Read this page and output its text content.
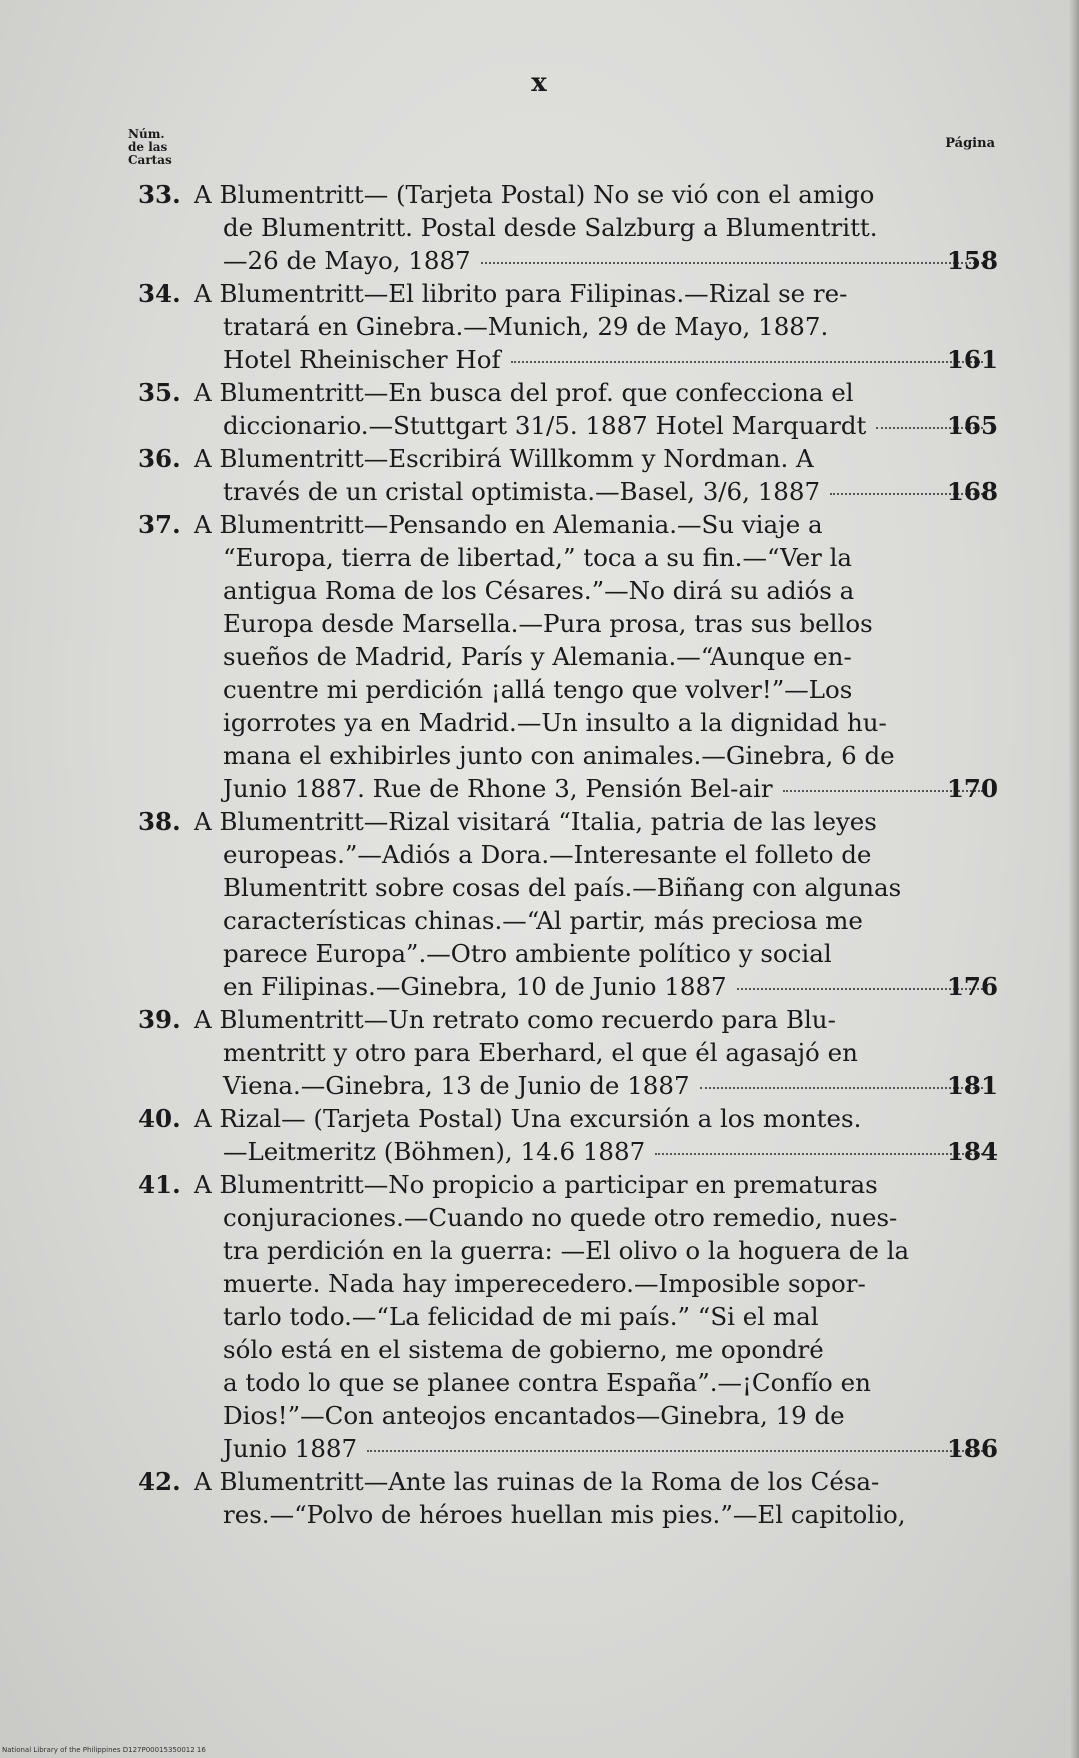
x
Núm.
de las
Cartas
Página
33. A Blumentritt— (Tarjeta Postal) No se vió con el amigo
de Blumentritt. Postal desde Salzburg a Blumentritt.
—26 de Mayo, 1887	158
34. A Blumentritt—El librito para Filipinas.—Rizal se re-
tratará en Ginebra.—Munich, 29 de Mayo, 1887.
Hotel Rheinischer Hof	161
35. A Blumentritt—En busca del prof. que confecciona el
diccionario.—Stuttgart 31/5. 1887 Hotel Marquardt	165
36. A Blumentritt—Escribirá Willkomm y Nordman. A
través de un cristal optimista.—Basel, 3/6, 1887	168
37. A Blumentritt—Pensando en Alemania.—Su viaje a
“Europa, tierra de libertad,” toca a su fin.—“Ver la
antigua Roma de los Césares.”—No dirá su adiós a
Europa desde Marsella.—Pura prosa, tras sus bellos
sueños de Madrid, París y Alemania.—“Aunque en-
cuentre mi perdición ¡allá tengo que volver!”—Los
igorrotes ya en Madrid.—Un insulto a la dignidad hu-
mana el exhibirles junto con animales.—Ginebra, 6 de
Junio 1887. Rue de Rhone 3, Pensión Bel-air	170
38. A Blumentritt—Rizal visitará “Italia, patria de las leyes
europeas.”—Adiós a Dora.—Interesante el folleto de
Blumentritt sobre cosas del país.—Biñang con algunas
características chinas.—“Al partir, más preciosa me
parece Europa”.—Otro ambiente político y social
en Filipinas.—Ginebra, 10 de Junio 1887	176
39. A Blumentritt—Un retrato como recuerdo para Blu-
mentritt y otro para Eberhard, el que él agasajó en
Viena.—Ginebra, 13 de Junio de 1887	181
40. A Rizal— (Tarjeta Postal) Una excursión a los montes.
—Leitmeritz (Böhmen), 14.6 1887	184
41. A Blumentritt—No propicio a participar en prematuras
conjuraciones.—Cuando no quede otro remedio, nues-
tra perdición en la guerra: —El olivo o la hoguera de la
muerte. Nada hay imperecedero.—Imposible sopor-
tarlo todo.—“La felicidad de mi país.” “Si el mal
sólo está en el sistema de gobierno, me opondré
a todo lo que se planee contra España”.—¡Confío en
Dios!”—Con anteojos encantados—Ginebra, 19 de
Junio 1887	186
42. A Blumentritt—Ante las ruinas de la Roma de los Césa-
res.—“Polvo de héroes huellan mis pies.”—El capitolio,
National Library of the Philippines D127P00015350012 16
